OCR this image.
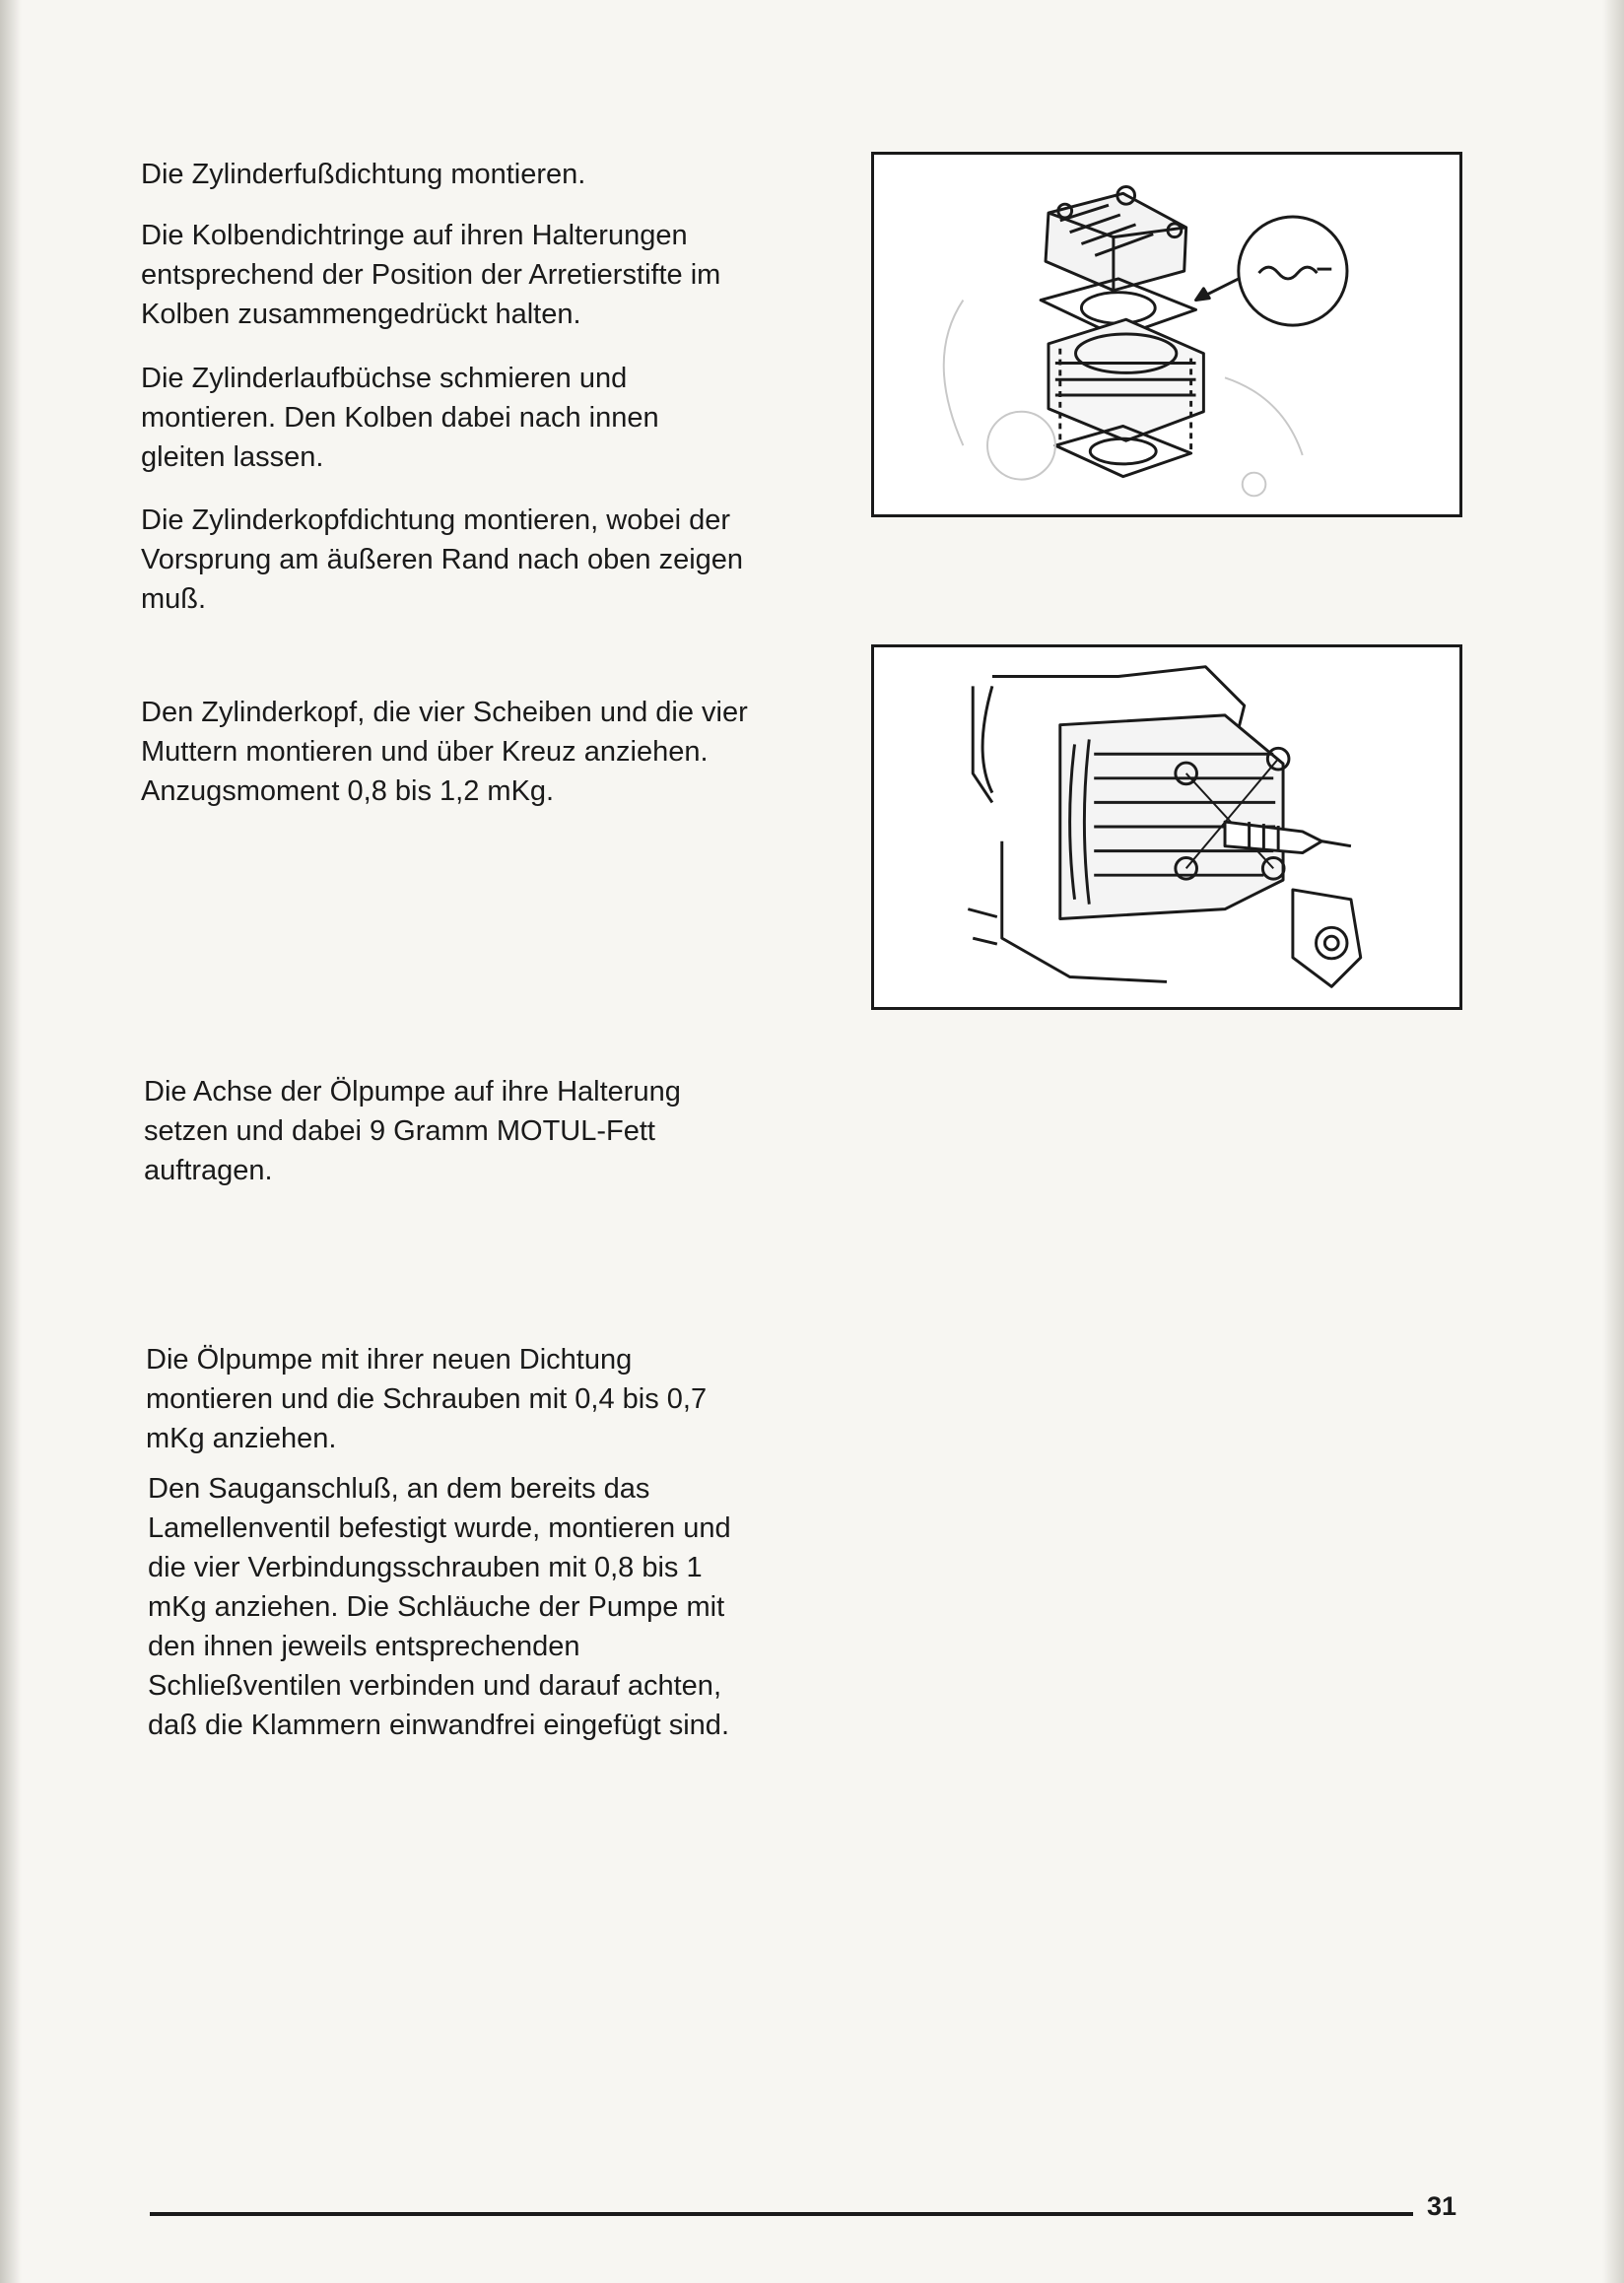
Die Zylinderfußdichtung montieren.

Die Kolbendichtringe auf ihren Halterungen
entsprechend der Position der Arretierstifte im
Kolben zusammengedrückt halten.

Die Zylinderlaufbüchse schmieren und
montieren. Den Kolben dabei nach innen
gleiten lassen.

Die Zylinderkopfdichtung montieren, wobei der
Vorsprung am äußeren Rand nach oben zeigen
muß.

Den Zylinderkopf, die vier Scheiben und die vier
Muttern montieren und über Kreuz anziehen.
Anzugsmoment 0,8 bis 1,2 mKg.

Die Achse der Ölpumpe auf ihre Halterung
setzen und dabei 9 Gramm MOTUL-Fett
auftragen.

Die Ölpumpe mit ihrer neuen Dichtung
montieren und die Schrauben mit 0,4 bis 0,7
mKg anziehen.

Den Sauganschluß, an dem bereits das
Lamellenventil befestigt wurde, montieren und
die vier Verbindungsschrauben mit 0,8 bis 1
mKg anziehen. Die Schläuche der Pumpe mit
den ihnen jeweils entsprechenden
Schließventilen verbinden und darauf achten,
daß die Klammern einwandfrei eingefügt sind.

31
